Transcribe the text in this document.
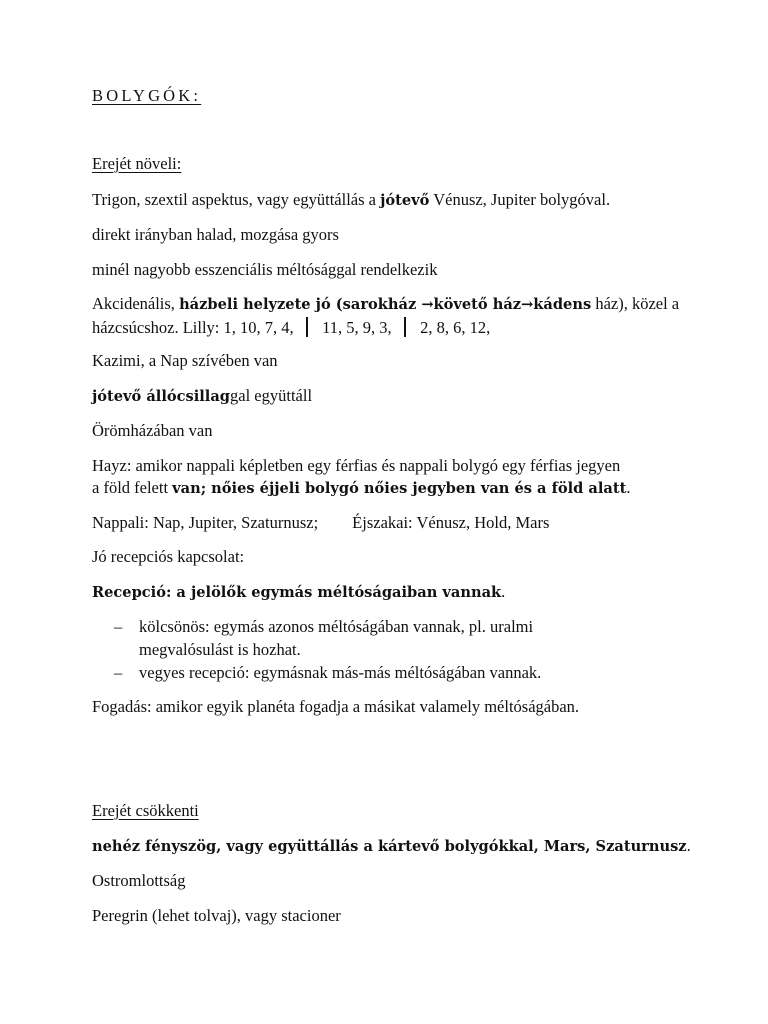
BOLYGÓK:
Erejét növeli:
Trigon, szextil aspektus, vagy együttállás a jótevő Vénusz, Jupiter bolygóval.
direkt irányban halad, mozgása gyors
minél nagyobb esszenciális méltósággal rendelkezik
Akcidenális, házbeli helyzete jó (sarokház →követő ház→kádens ház), közel a
házcsúcshoz. Lilly: 1, 10, 7, 4, 11, 5, 9, 3, 2, 8, 6, 12,
Kazimi, a Nap szívében van
jótevő állócsillaggal együttáll
Örömházában van
Hayz: amikor nappali képletben egy férfias és nappali bolygó egy férfias jegyen
a föld felett van; nőies éjjeli bolygó nőies jegyben van és a föld alatt.
Nappali: Nap, Jupiter, Szaturnusz; Éjszakai: Vénusz, Hold, Mars
Jó recepciós kapcsolat:
Recepció: a jelölők egymás méltóságaiban vannak.
– kölcsönös: egymás azonos méltóságában vannak, pl. uralmi
megvalósulást is hozhat.
– vegyes recepció: egymásnak más-más méltóságában vannak.
Fogadás: amikor egyik planéta fogadja a másikat valamely méltóságában.
Erejét csökkenti
nehéz fényszög, vagy együttállás a kártevő bolygókkal, Mars, Szaturnusz.
Ostromlottság
Peregrin (lehet tolvaj), vagy stacioner
